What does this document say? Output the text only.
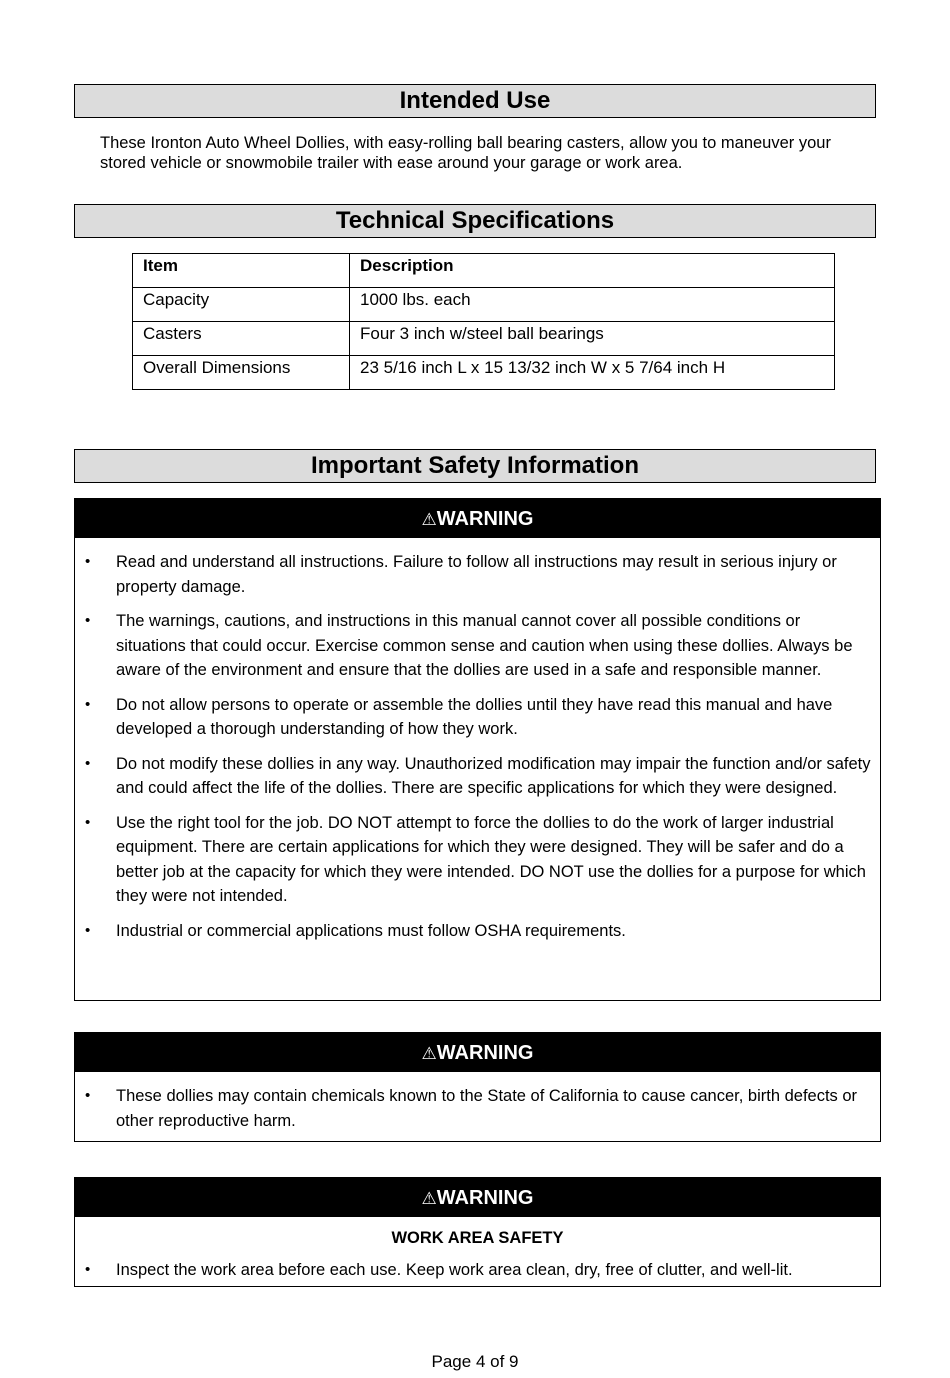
Intended Use
These Ironton Auto Wheel Dollies, with easy-rolling ball bearing casters, allow you to maneuver your stored vehicle or snowmobile trailer with ease around your garage or work area.
Technical Specifications
Item	Description
Capacity	1000 lbs. each
Casters	Four 3 inch w/steel ball bearings
Overall Dimensions	23 5/16 inch L x 15 13/32 inch W x 5 7/64 inch H
Important Safety Information
⚠WARNING
• Read and understand all instructions. Failure to follow all instructions may result in serious injury or property damage.
• The warnings, cautions, and instructions in this manual cannot cover all possible conditions or situations that could occur. Exercise common sense and caution when using these dollies. Always be aware of the environment and ensure that the dollies are used in a safe and responsible manner.
• Do not allow persons to operate or assemble the dollies until they have read this manual and have developed a thorough understanding of how they work.
• Do not modify these dollies in any way. Unauthorized modification may impair the function and/or safety and could affect the life of the dollies. There are specific applications for which they were designed.
• Use the right tool for the job. DO NOT attempt to force the dollies to do the work of larger industrial equipment. There are certain applications for which they were designed. They will be safer and do a better job at the capacity for which they were intended. DO NOT use the dollies for a purpose for which they were not intended.
• Industrial or commercial applications must follow OSHA requirements.
⚠WARNING
• These dollies may contain chemicals known to the State of California to cause cancer, birth defects or other reproductive harm.
⚠WARNING
WORK AREA SAFETY
• Inspect the work area before each use. Keep work area clean, dry, free of clutter, and well-lit.
Page 4 of 9
